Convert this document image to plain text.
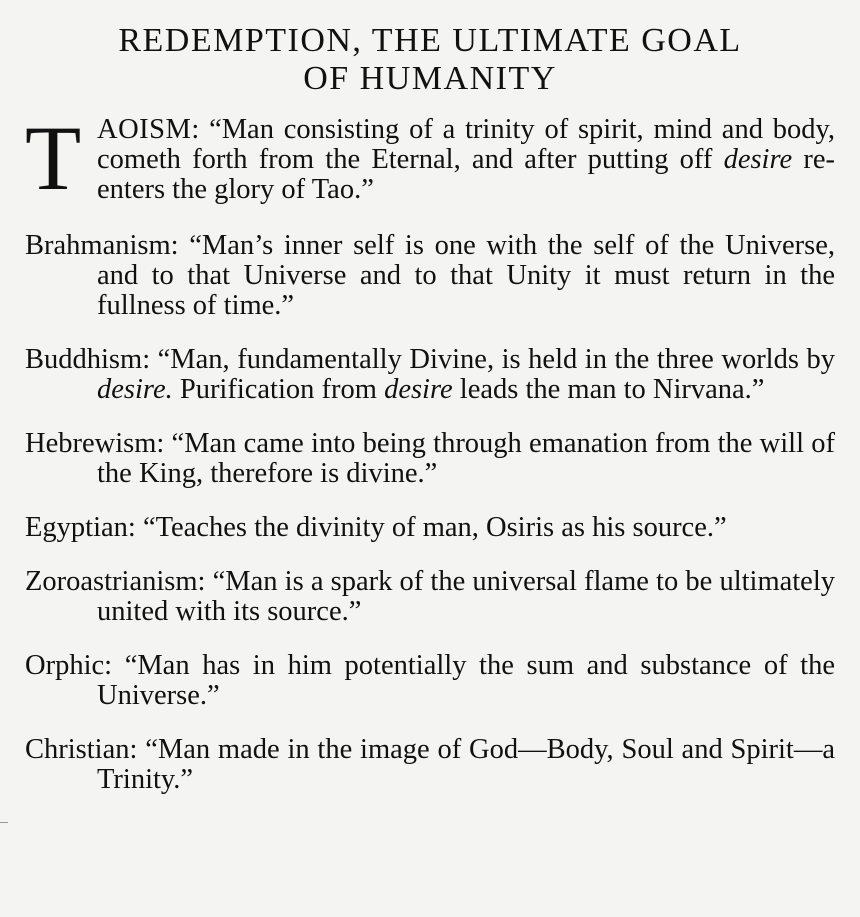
REDEMPTION, THE ULTIMATE GOAL
OF HUMANITY

T AOISM: “Man consisting of a trinity of spirit, mind and body, cometh forth from the Eternal, and after putting off desire re-enters the glory of Tao.”

Brahmanism: “Man’s inner self is one with the self of the Universe, and to that Universe and to that Unity it must return in the fullness of time.”

Buddhism: “Man, fundamentally Divine, is held in the three worlds by desire. Purification from desire leads the man to Nirvana.”

Hebrewism: “Man came into being through emanation from the will of the King, therefore is divine.”

Egyptian: “Teaches the divinity of man, Osiris as his source.”

Zoroastrianism: “Man is a spark of the universal flame to be ultimately united with its source.”

Orphic: “Man has in him potentially the sum and substance of the Universe.”

Christian: “Man made in the image of God—Body, Soul and Spirit—a Trinity.”
